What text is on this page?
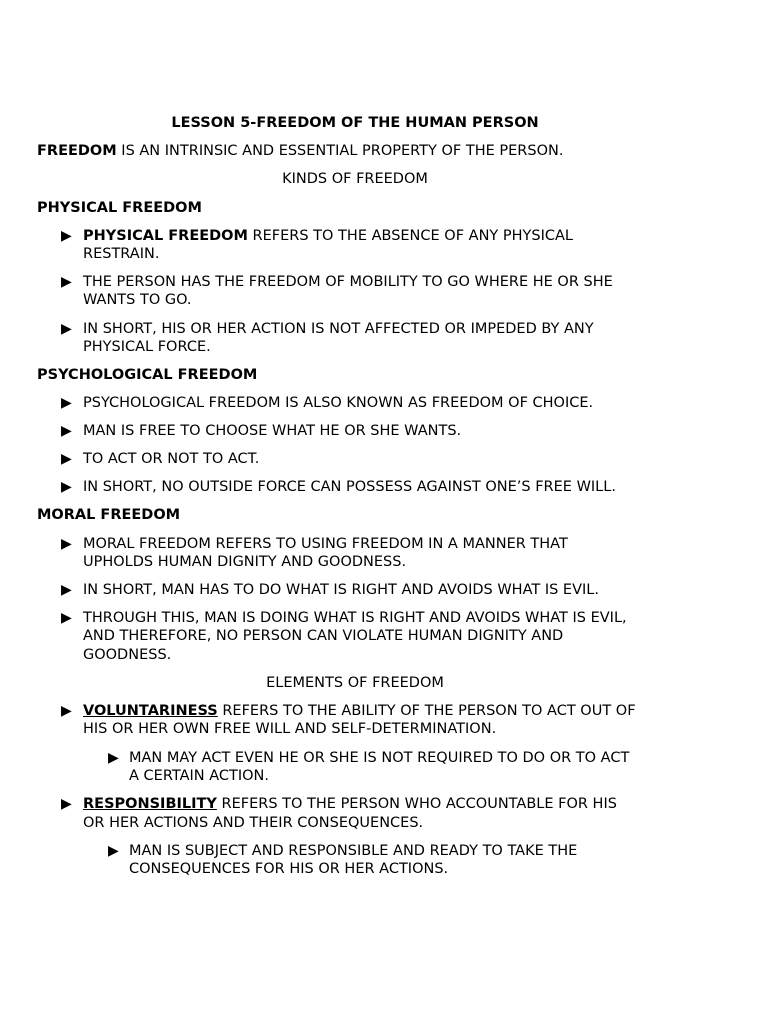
LESSON 5-FREEDOM OF THE HUMAN PERSON
FREEDOM IS AN INTRINSIC AND ESSENTIAL PROPERTY OF THE PERSON.
KINDS OF FREEDOM
PHYSICAL FREEDOM
▶ PHYSICAL FREEDOM REFERS TO THE ABSENCE OF ANY PHYSICAL
RESTRAIN.
▶ THE PERSON HAS THE FREEDOM OF MOBILITY TO GO WHERE HE OR SHE
WANTS TO GO.
▶ IN SHORT, HIS OR HER ACTION IS NOT AFFECTED OR IMPEDED BY ANY
PHYSICAL FORCE.
PSYCHOLOGICAL FREEDOM
▶ PSYCHOLOGICAL FREEDOM IS ALSO KNOWN AS FREEDOM OF CHOICE.
▶ MAN IS FREE TO CHOOSE WHAT HE OR SHE WANTS.
▶ TO ACT OR NOT TO ACT.
▶ IN SHORT, NO OUTSIDE FORCE CAN POSSESS AGAINST ONE’S FREE WILL.
MORAL FREEDOM
▶ MORAL FREEDOM REFERS TO USING FREEDOM IN A MANNER THAT
UPHOLDS HUMAN DIGNITY AND GOODNESS.
▶ IN SHORT, MAN HAS TO DO WHAT IS RIGHT AND AVOIDS WHAT IS EVIL.
▶ THROUGH THIS, MAN IS DOING WHAT IS RIGHT AND AVOIDS WHAT IS EVIL,
AND THEREFORE, NO PERSON CAN VIOLATE HUMAN DIGNITY AND
GOODNESS.
ELEMENTS OF FREEDOM
▶ VOLUNTARINESS REFERS TO THE ABILITY OF THE PERSON TO ACT OUT OF
HIS OR HER OWN FREE WILL AND SELF-DETERMINATION.
▶ MAN MAY ACT EVEN HE OR SHE IS NOT REQUIRED TO DO OR TO ACT
A CERTAIN ACTION.
▶ RESPONSIBILITY REFERS TO THE PERSON WHO ACCOUNTABLE FOR HIS
OR HER ACTIONS AND THEIR CONSEQUENCES.
▶ MAN IS SUBJECT AND RESPONSIBLE AND READY TO TAKE THE
CONSEQUENCES FOR HIS OR HER ACTIONS.
